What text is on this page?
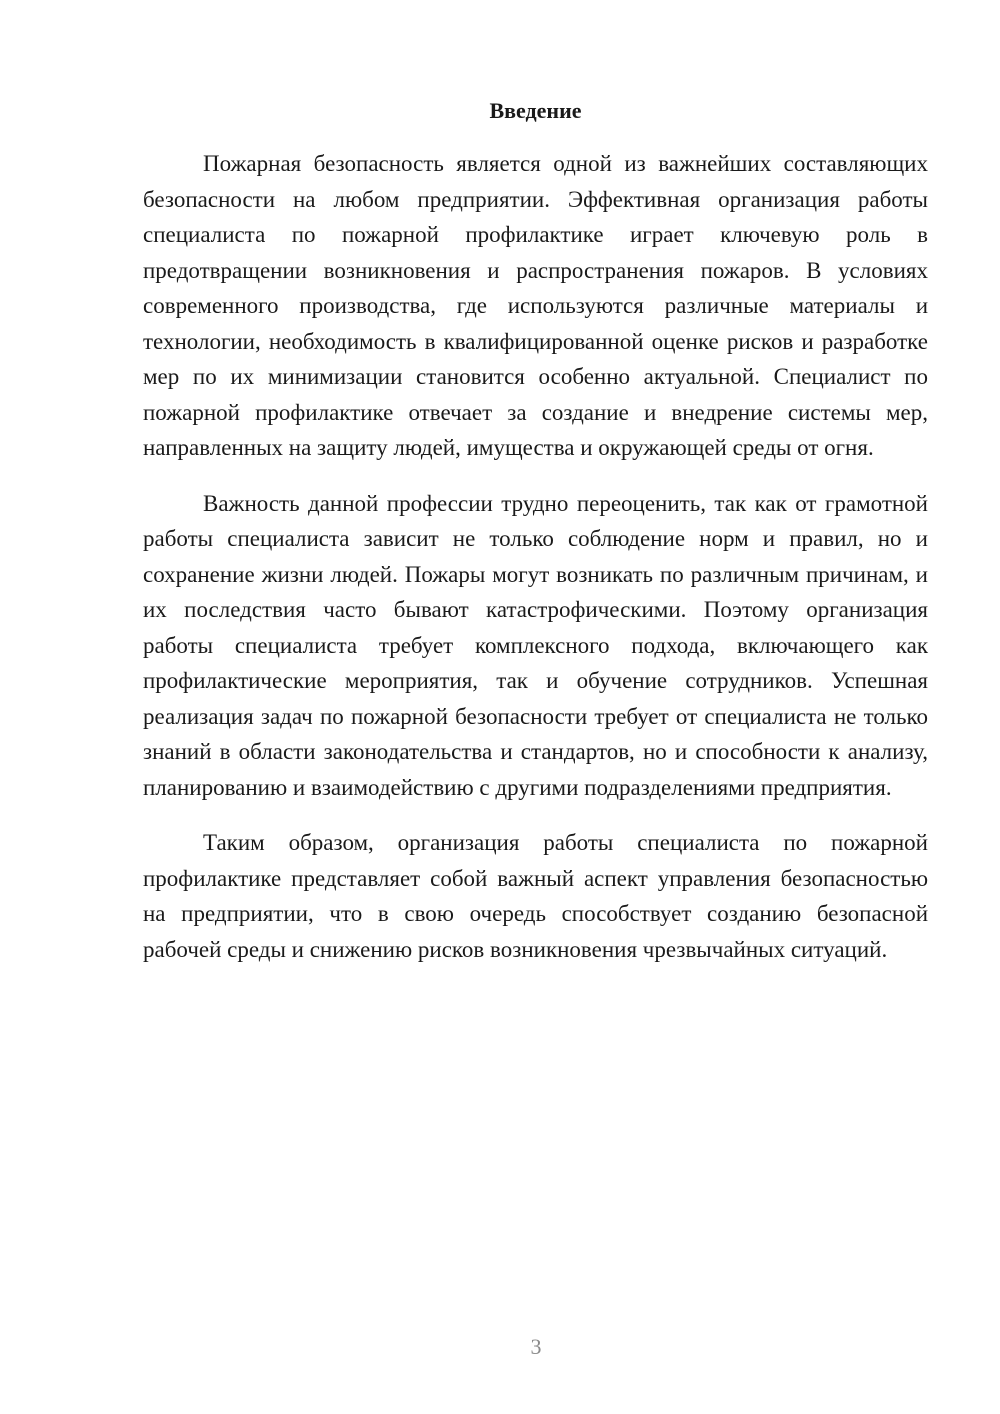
Введение

Пожарная безопасность является одной из важнейших составляющих безопасности на любом предприятии. Эффективная организация работы специалиста по пожарной профилактике играет ключевую роль в предотвращении возникновения и распространения пожаров. В условиях современного производства, где используются различные материалы и технологии, необходимость в квалифицированной оценке рисков и разработке мер по их минимизации становится особенно актуальной. Специалист по пожарной профилактике отвечает за создание и внедрение системы мер, направленных на защиту людей, имущества и окружающей среды от огня.

Важность данной профессии трудно переоценить, так как от грамотной работы специалиста зависит не только соблюдение норм и правил, но и сохранение жизни людей. Пожары могут возникать по различным причинам, и их последствия часто бывают катастрофическими. Поэтому организация работы специалиста требует комплексного подхода, включающего как профилактические мероприятия, так и обучение сотрудников. Успешная реализация задач по пожарной безопасности требует от специалиста не только знаний в области законодательства и стандартов, но и способности к анализу, планированию и взаимодействию с другими подразделениями предприятия.

Таким образом, организация работы специалиста по пожарной профилактике представляет собой важный аспект управления безопасностью на предприятии, что в свою очередь способствует созданию безопасной рабочей среды и снижению рисков возникновения чрезвычайных ситуаций.

3
